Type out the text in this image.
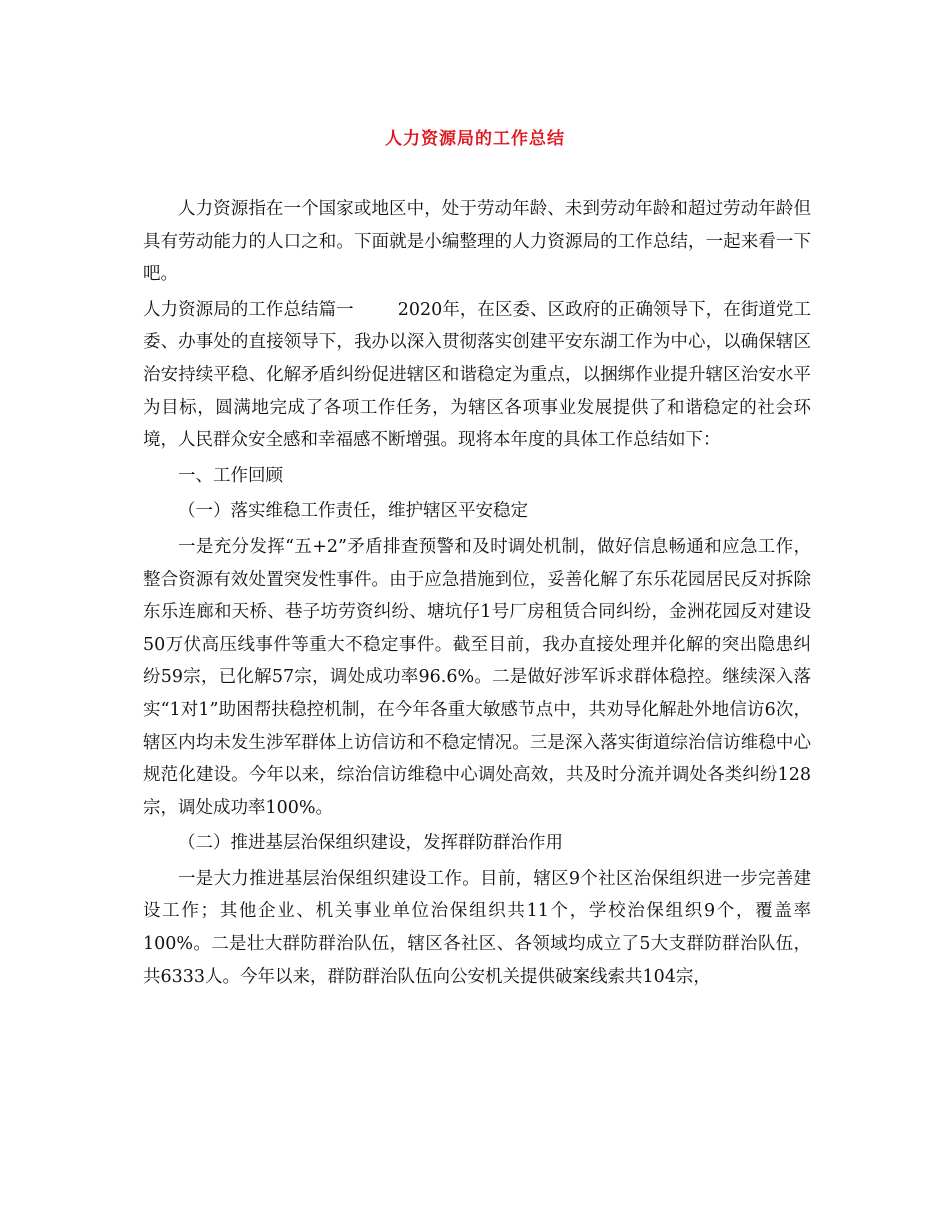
人力资源局的工作总结

人力资源指在一个国家或地区中，处于劳动年龄、未到劳动年龄和超过劳动年龄但具有劳动能力的人口之和。下面就是小编整理的人力资源局的工作总结，一起来看一下吧。

人力资源局的工作总结篇一	2020年，在区委、区政府的正确领导下，在街道党工委、办事处的直接领导下，我办以深入贯彻落实创建平安东湖工作为中心，以确保辖区治安持续平稳、化解矛盾纠纷促进辖区和谐稳定为重点，以捆绑作业提升辖区治安水平为目标，圆满地完成了各项工作任务，为辖区各项事业发展提供了和谐稳定的社会环境，人民群众安全感和幸福感不断增强。现将本年度的具体工作总结如下：

一、工作回顾

（一）落实维稳工作责任，维护辖区平安稳定

一是充分发挥“五+2”矛盾排查预警和及时调处机制，做好信息畅通和应急工作，整合资源有效处置突发性事件。由于应急措施到位，妥善化解了东乐花园居民反对拆除东乐连廊和天桥、巷子坊劳资纠纷、塘坑仔1号厂房租赁合同纠纷，金洲花园反对建设50万伏高压线事件等重大不稳定事件。截至目前，我办直接处理并化解的突出隐患纠纷59宗，已化解57宗，调处成功率96.6%。二是做好涉军诉求群体稳控。继续深入落实“1对1”助困帮扶稳控机制，在今年各重大敏感节点中，共劝导化解赴外地信访6次，辖区内均未发生涉军群体上访信访和不稳定情况。三是深入落实街道综治信访维稳中心规范化建设。今年以来，综治信访维稳中心调处高效，共及时分流并调处各类纠纷128宗，调处成功率100%。

（二）推进基层治保组织建设，发挥群防群治作用

一是大力推进基层治保组织建设工作。目前，辖区9个社区治保组织进一步完善建设工作；其他企业、机关事业单位治保组织共11个，学校治保组织9个，覆盖率100%。二是壮大群防群治队伍，辖区各社区、各领域均成立了5大支群防群治队伍，共6333人。今年以来，群防群治队伍向公安机关提供破案线索共104宗，
